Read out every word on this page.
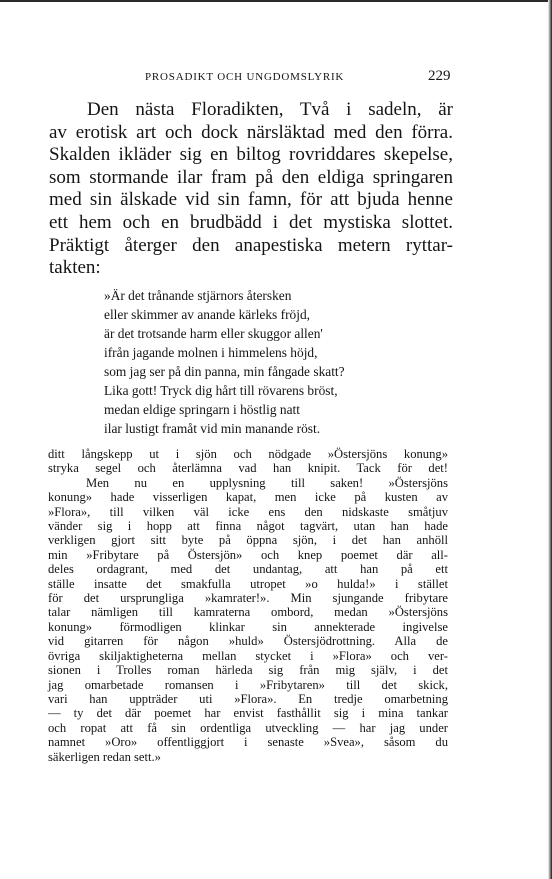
PROSADIKT OCH UNGDOMSLYRIK	229
Den nästa Floradikten, Två i sadeln, är
av erotisk art och dock närsläktad med den förra.
Skalden ikläder sig en biltog rovriddares skepelse,
som stormande ilar fram på den eldiga springaren
med sin älskade vid sin famn, för att bjuda henne
ett hem och en brudbädd i det mystiska slottet.
Präktigt återger den anapestiska metern ryttar-
takten:
»Är det trånande stjärnors återsken
eller skimmer av anande kärleks fröjd,
är det trotsande harm eller skuggor allen'
ifrån jagande molnen i himmelens höjd,
som jag ser på din panna, min fångade skatt?
Lika gott! Tryck dig hårt till rövarens bröst,
medan eldige springarn i höstlig natt
ilar lustigt framåt vid min manande röst.
ditt långskepp ut i sjön och nödgade »Östersjöns konung»
stryka segel och återlämna vad han knipit. Tack för det!
Men nu en upplysning till saken! »Östersjöns
konung» hade visserligen kapat, men icke på kusten av
»Flora», till vilken väl icke ens den nidskaste småtjuv
vänder sig i hopp att finna något tagvärt, utan han hade
verkligen gjort sitt byte på öppna sjön, i det han anhöll
min »Fribytare på Östersjön» och knep poemet där all-
deles ordagrant, med det undantag, att han på ett
ställe insatte det smakfulla utropet »o hulda!» i stället
för det ursprungliga »kamrater!». Min sjungande fribytare
talar nämligen till kamraterna ombord, medan »Östersjöns
konung» förmodligen klinkar sin annekterade ingivelse
vid gitarren för någon »huld» Östersjödrottning. Alla de
övriga skiljaktigheterna mellan stycket i »Flora» och ver-
sionen i Trolles roman härleda sig från mig själv, i det
jag omarbetade romansen i »Fribytaren» till det skick,
vari han uppträder uti »Flora». En tredje omarbetning
— ty det där poemet har envist fasthållit sig i mina tankar
och ropat att få sin ordentliga utveckling — har jag under
namnet »Oro» offentliggjort i senaste »Svea», såsom du
säkerligen redan sett.»
